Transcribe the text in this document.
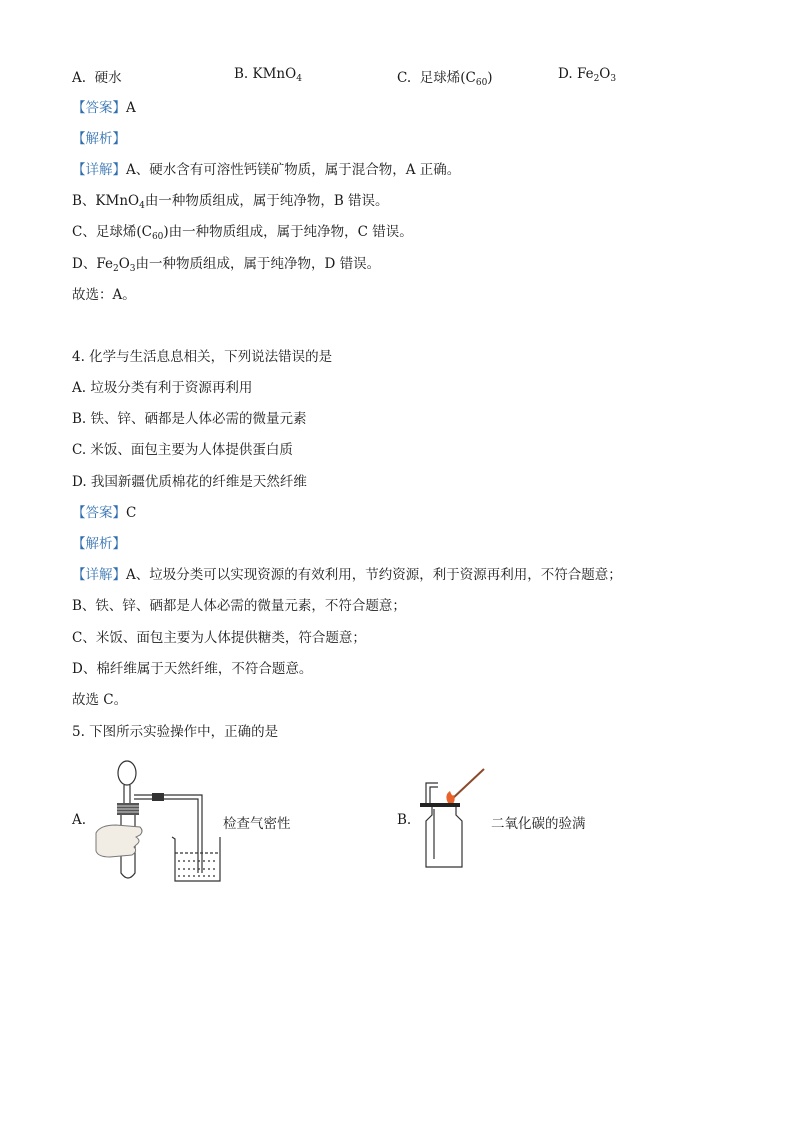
A. 硬水	B. KMnO$_4$	C. 足球烯$(C_{60})$	D. $Fe_2O_3$
【答案】A
【解析】
【详解】A、硬水含有可溶性钙镁矿物质，属于混合物，A 正确。
B、KMnO$_4$由一种物质组成，属于纯净物，B 错误。
C、足球烯$(C_{60})$由一种物质组成，属于纯净物，C 错误。
D、$Fe_2O_3$由一种物质组成，属于纯净物，D 错误。
故选：A。
4. 化学与生活息息相关，下列说法错误的是
A. 垃圾分类有利于资源再利用
B. 铁、锌、硒都是人体必需的微量元素
C. 米饭、面包主要为人体提供蛋白质
D. 我国新疆优质棉花的纤维是天然纤维
【答案】C
【解析】
【详解】A、垃圾分类可以实现资源的有效利用，节约资源，利于资源再利用，不符合题意；
B、铁、锌、硒都是人体必需的微量元素，不符合题意；
C、米饭、面包主要为人体提供糖类，符合题意；
D、棉纤维属于天然纤维，不符合题意。
故选 C。
5. 下图所示实验操作中，正确的是
A.	检查气密性	B.	二氧化碳的验满
